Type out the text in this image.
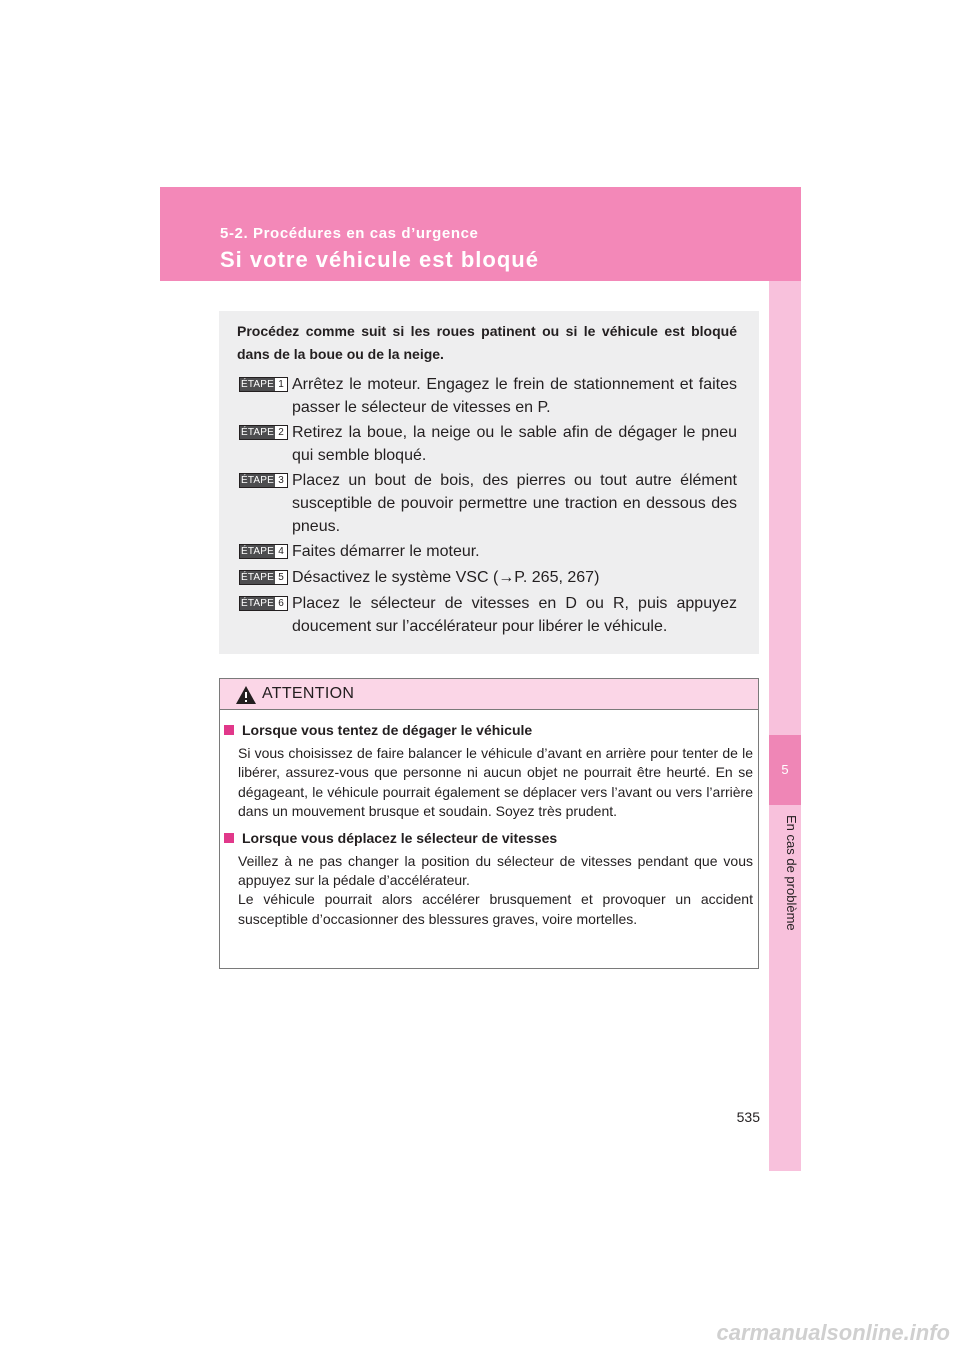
5-2. Procédures en cas d’urgence
Si votre véhicule est bloqué
5
En cas de problème
Procédez comme suit si les roues patinent ou si le véhicule est bloqué dans de la boue ou de la neige.
ÉTAPE 1 Arrêtez le moteur. Engagez le frein de stationnement et faites passer le sélecteur de vitesses en P.
ÉTAPE 2 Retirez la boue, la neige ou le sable afin de dégager le pneu qui semble bloqué.
ÉTAPE 3 Placez un bout de bois, des pierres ou tout autre élément susceptible de pouvoir permettre une traction en dessous des pneus.
ÉTAPE 4 Faites démarrer le moteur.
ÉTAPE 5 Désactivez le système VSC (→P. 265, 267)
ÉTAPE 6 Placez le sélecteur de vitesses en D ou R, puis appuyez doucement sur l’accélérateur pour libérer le véhicule.
ATTENTION
Lorsque vous tentez de dégager le véhicule
Si vous choisissez de faire balancer le véhicule d’avant en arrière pour tenter de le libérer, assurez-vous que personne ni aucun objet ne pourrait être heurté. En se dégageant, le véhicule pourrait également se déplacer vers l’avant ou vers l’arrière dans un mouvement brusque et soudain. Soyez très prudent.
Lorsque vous déplacez le sélecteur de vitesses
Veillez à ne pas changer la position du sélecteur de vitesses pendant que vous appuyez sur la pédale d’accélérateur.
Le véhicule pourrait alors accélérer brusquement et provoquer un accident susceptible d’occasionner des blessures graves, voire mortelles.
535
carmanualsonline.info
